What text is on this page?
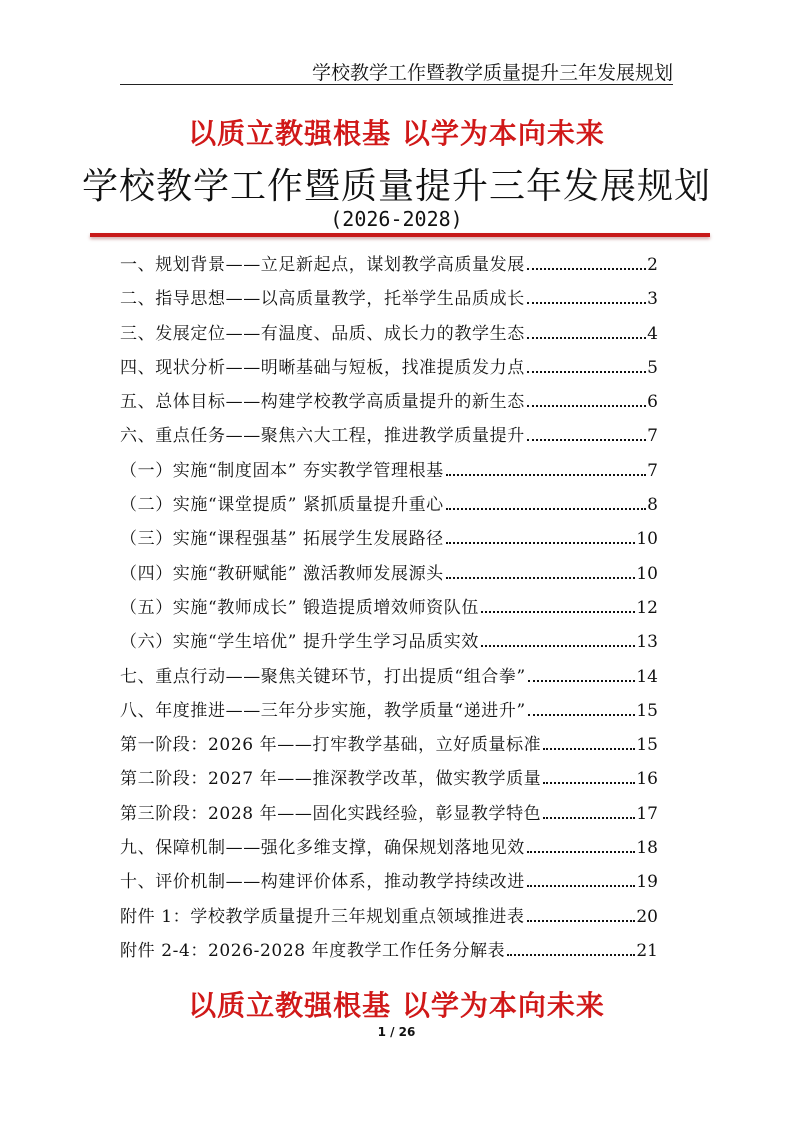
学校教学工作暨教学质量提升三年发展规划
以质立教强根基 以学为本向未来
学校教学工作暨质量提升三年发展规划
(2026-2028)
一、规划背景——立足新起点，谋划教学高质量发展	2
二、指导思想——以高质量教学，托举学生品质成长	3
三、发展定位——有温度、品质、成长力的教学生态	4
四、现状分析——明晰基础与短板，找准提质发力点	5
五、总体目标——构建学校教学高质量提升的新生态	6
六、重点任务——聚焦六大工程，推进教学质量提升	7
（一）实施“制度固本” 夯实教学管理根基	7
（二）实施“课堂提质” 紧抓质量提升重心	8
（三）实施“课程强基” 拓展学生发展路径	10
（四）实施“教研赋能” 激活教师发展源头	10
（五）实施“教师成长” 锻造提质增效师资队伍	12
（六）实施“学生培优” 提升学生学习品质实效	13
七、重点行动——聚焦关键环节，打出提质“组合拳”	14
八、年度推进——三年分步实施，教学质量“递进升”	15
第一阶段：2026 年——打牢教学基础，立好质量标准	15
第二阶段：2027 年——推深教学改革，做实教学质量	16
第三阶段：2028 年——固化实践经验，彰显教学特色	17
九、保障机制——强化多维支撑，确保规划落地见效	18
十、评价机制——构建评价体系，推动教学持续改进	19
附件 1：学校教学质量提升三年规划重点领域推进表	20
附件 2-4：2026-2028 年度教学工作任务分解表	21
以质立教强根基 以学为本向未来
1 / 26
